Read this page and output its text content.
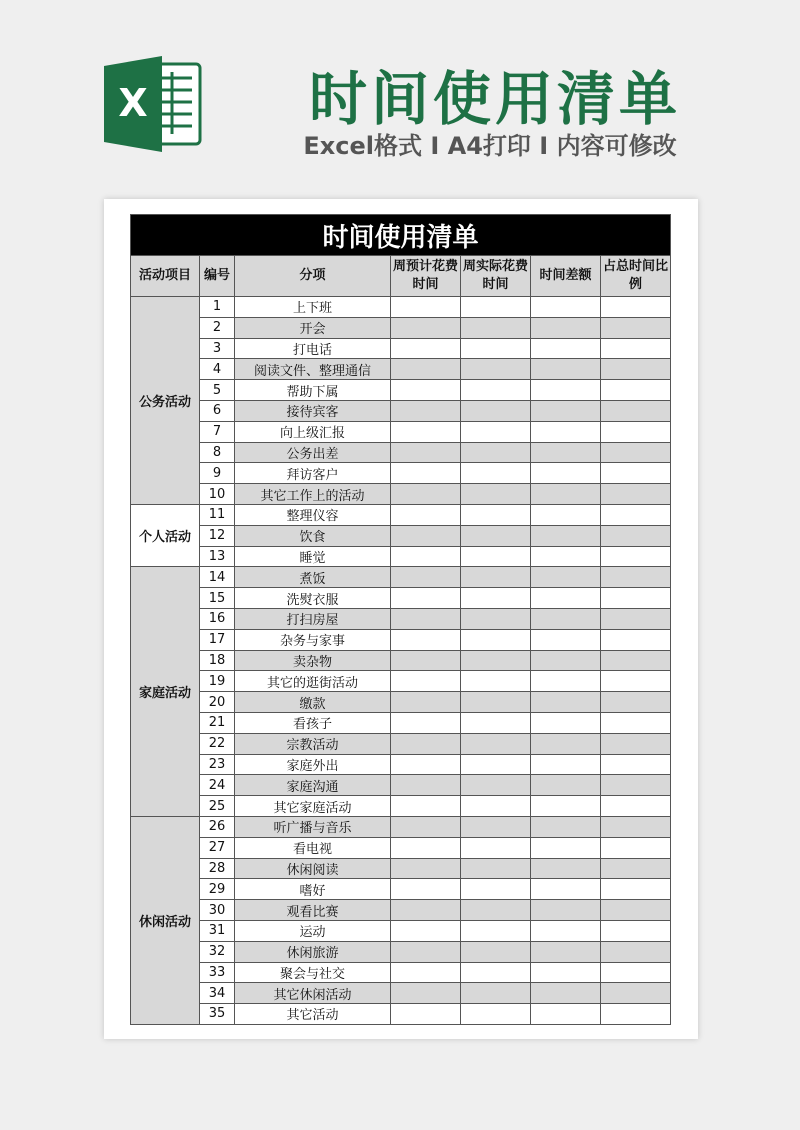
X	时间使用清单
Excel格式 I A4打印 I 内容可修改
时间使用清单						
活动项目	编号	分项	周预计花费时间	周实际花费时间	时间差额	占总时间比例
公务活动	1	上下班				
	2	开会				
	3	打电话				
	4	阅读文件、整理通信				
	5	帮助下属				
	6	接待宾客				
	7	向上级汇报				
	8	公务出差				
	9	拜访客户				
	10	其它工作上的活动				
个人活动	11	整理仪容				
	12	饮食				
	13	睡觉				
家庭活动	14	煮饭				
	15	洗熨衣服				
	16	打扫房屋				
	17	杂务与家事				
	18	卖杂物				
	19	其它的逛街活动				
	20	缴款				
	21	看孩子				
	22	宗教活动				
	23	家庭外出				
	24	家庭沟通				
	25	其它家庭活动				
休闲活动	26	听广播与音乐				
	27	看电视				
	28	休闲阅读				
	29	嗜好				
	30	观看比赛				
	31	运动				
	32	休闲旅游				
	33	聚会与社交				
	34	其它休闲活动				
	35	其它活动				
